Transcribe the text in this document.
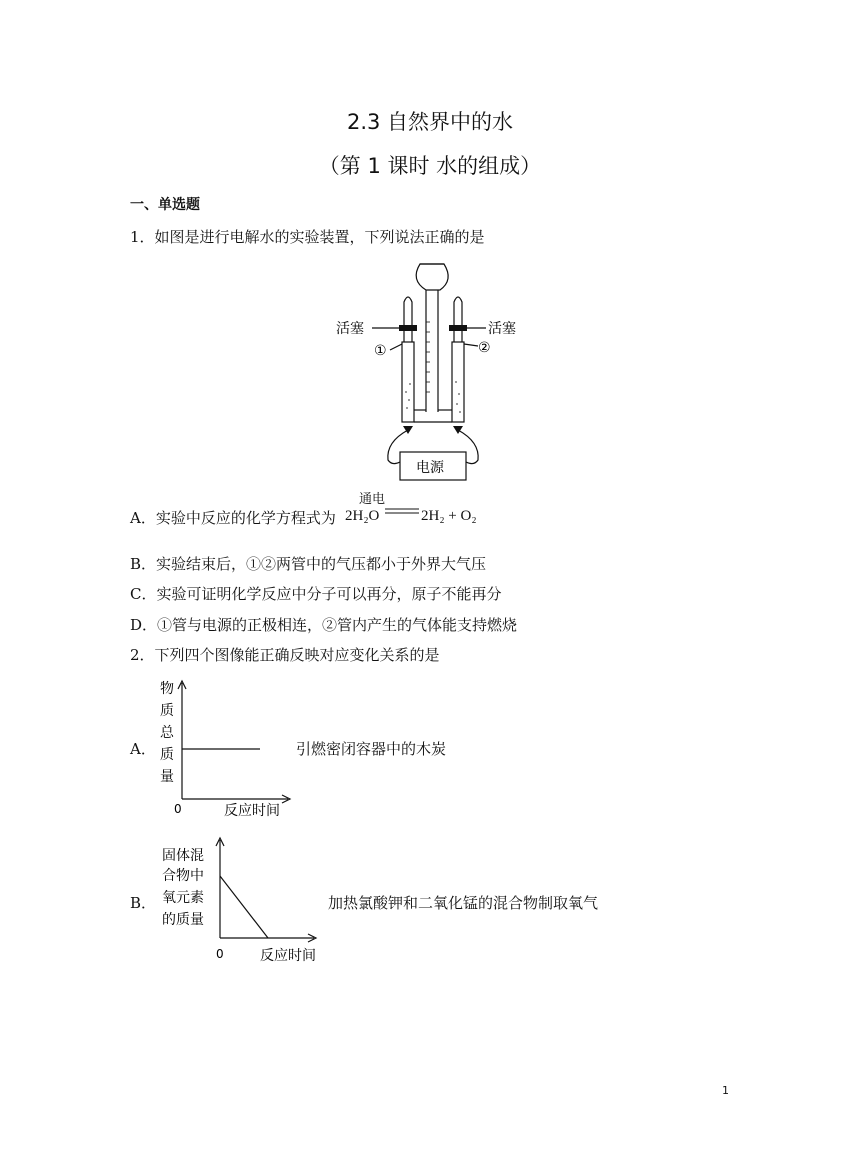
2.3 自然界中的水
（第 1 课时 水的组成）
一、单选题
1．如图是进行电解水的实验装置，下列说法正确的是
活塞	活塞
①	②
电源
A．实验中反应的化学方程式为
通电
2H₂O	2H₂ + O₂
B．实验结束后，①②两管中的气压都小于外界大气压
C．实验可证明化学反应中分子可以再分，原子不能再分
D．①管与电源的正极相连，②管内产生的气体能支持燃烧
2．下列四个图像能正确反映对应变化关系的是
A．
物
质
总
质
量
0	反应时间
引燃密闭容器中的木炭
B．
固体混
合物中
氧元素
的质量
0	反应时间
加热氯酸钾和二氧化锰的混合物制取氧气
1
